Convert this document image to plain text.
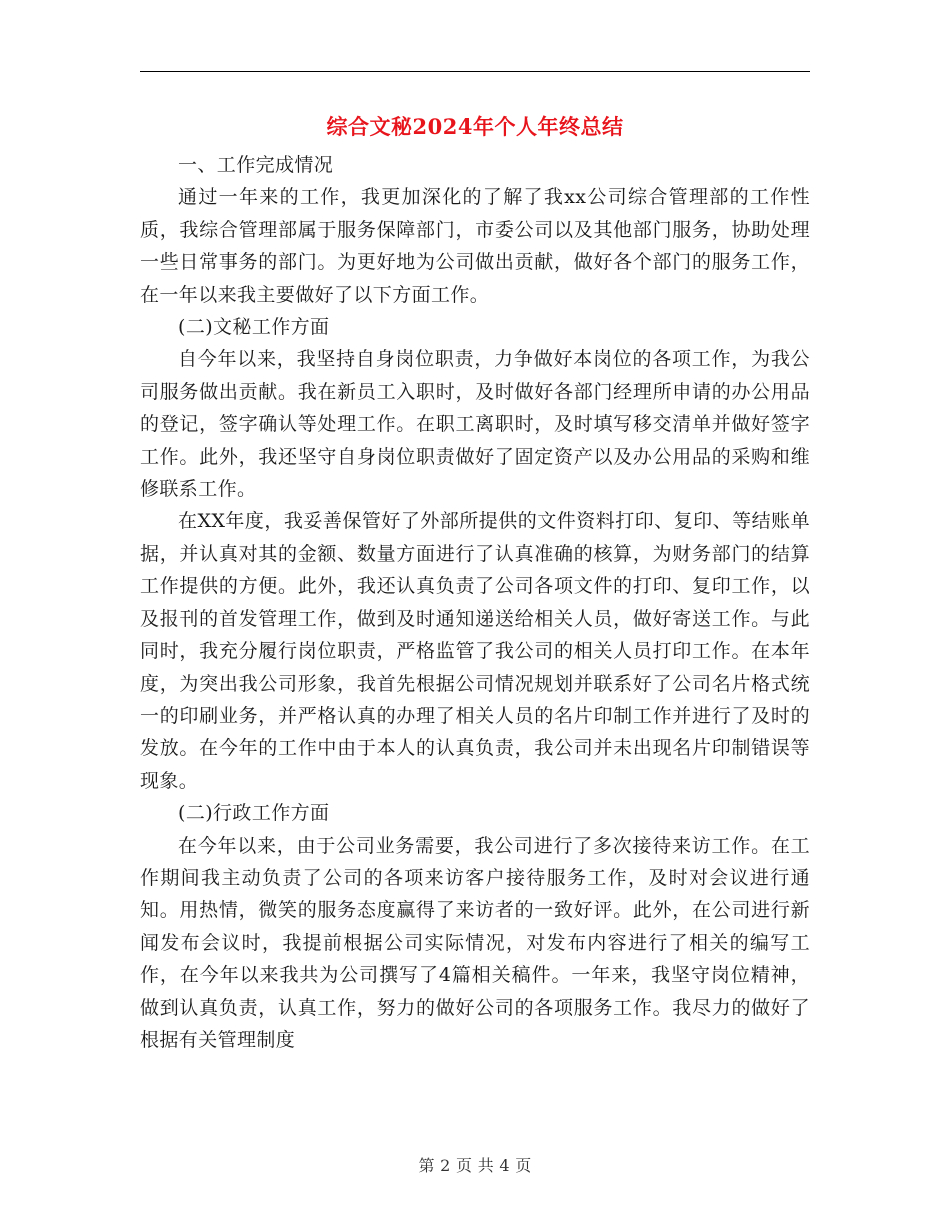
综合文秘2024年个人年终总结

一、工作完成情况

通过一年来的工作，我更加深化的了解了我xx公司综合管理部的工作性质，我综合管理部属于服务保障部门，市委公司以及其他部门服务，协助处理一些日常事务的部门。为更好地为公司做出贡献，做好各个部门的服务工作，在一年以来我主要做好了以下方面工作。

(二)文秘工作方面

自今年以来，我坚持自身岗位职责，力争做好本岗位的各项工作，为我公司服务做出贡献。我在新员工入职时，及时做好各部门经理所申请的办公用品的登记，签字确认等处理工作。在职工离职时，及时填写移交清单并做好签字工作。此外，我还坚守自身岗位职责做好了固定资产以及办公用品的采购和维修联系工作。

在XX年度，我妥善保管好了外部所提供的文件资料打印、复印、等结账单据，并认真对其的金额、数量方面进行了认真准确的核算，为财务部门的结算工作提供的方便。此外，我还认真负责了公司各项文件的打印、复印工作，以及报刊的首发管理工作，做到及时通知递送给相关人员，做好寄送工作。与此同时，我充分履行岗位职责，严格监管了我公司的相关人员打印工作。在本年度，为突出我公司形象，我首先根据公司情况规划并联系好了公司名片格式统一的印刷业务，并严格认真的办理了相关人员的名片印制工作并进行了及时的发放。在今年的工作中由于本人的认真负责，我公司并未出现名片印制错误等现象。

(二)行政工作方面

在今年以来，由于公司业务需要，我公司进行了多次接待来访工作。在工作期间我主动负责了公司的各项来访客户接待服务工作，及时对会议进行通知。用热情，微笑的服务态度赢得了来访者的一致好评。此外，在公司进行新闻发布会议时，我提前根据公司实际情况，对发布内容进行了相关的编写工作，在今年以来我共为公司撰写了4篇相关稿件。一年来，我坚守岗位精神，做到认真负责，认真工作，努力的做好公司的各项服务工作。我尽力的做好了根据有关管理制度

第 2 页 共 4 页
